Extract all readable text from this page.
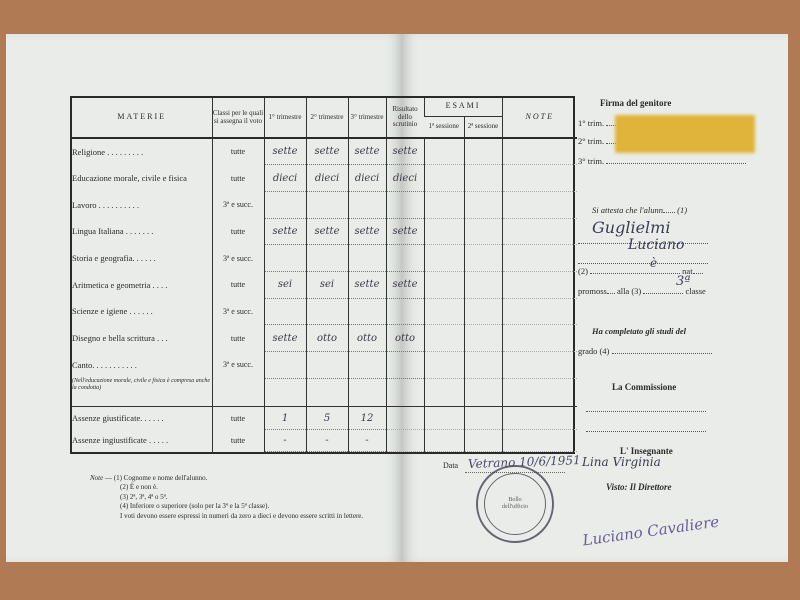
MATERIE	Classi per le quali si assegna il voto	1° trimestre	2° trimestre	3° trimestre	Risultato dello scrutinio	ESAMI		NOTE
						1ª sessione	2ª sessione	
Religione . . . . . . . . .	tutte	sette	sette	sette	sette			
Educazione morale, civile e fisica	tutte	dieci	dieci	dieci	dieci			
Lavoro . . . . . . . . . .	3ª e succ.							
Lingua Italiana . . . . . . .	tutte	sette	sette	sette	sette			
Storia e geografia. . . . . .	3ª e succ.							
Aritmetica e geometria . . . .	tutte	sei	sei	sette	sette			
Scienze e igiene . . . . . .	3ª e succ.							
Disegno e bella scrittura . . .	tutte	sette	otto	otto	otto			
Canto. . . . . . . . . . .	3ª e succ.							
(Nell'educazione morale, civile e fisica è compresa anche la condotta)								
Assenze giustificate. . . . . .	tutte	1	5	12				
Assenze ingiustificate . . . . .	tutte	-	-	-				
Note — (1) Cognome e nome dell'alunno.
(2) È e non è.
(3) 2ª, 3ª, 4ª o 5ª.
(4) Inferiore o superiore (solo per la 3ª e la 5ª classe).
I voti devono essere espressi in numeri da zero a dieci e devono essere scritti in lettere.
Data Vetrano 10/6/1951
Bollo dell'ufficio
Firma del genitore
1° trim.
2° trim.
3° trim.
Si attesta che l'alunn (1)
Guglielmi
Luciano
(2)	nat
è
promoss alla (3)	classe
3ª
Ha completato gli studi del
grado (4)
La Commissione
L' Insegnante
Lina Virginia
Visto: Il Direttore
Luciano Cavaliere
